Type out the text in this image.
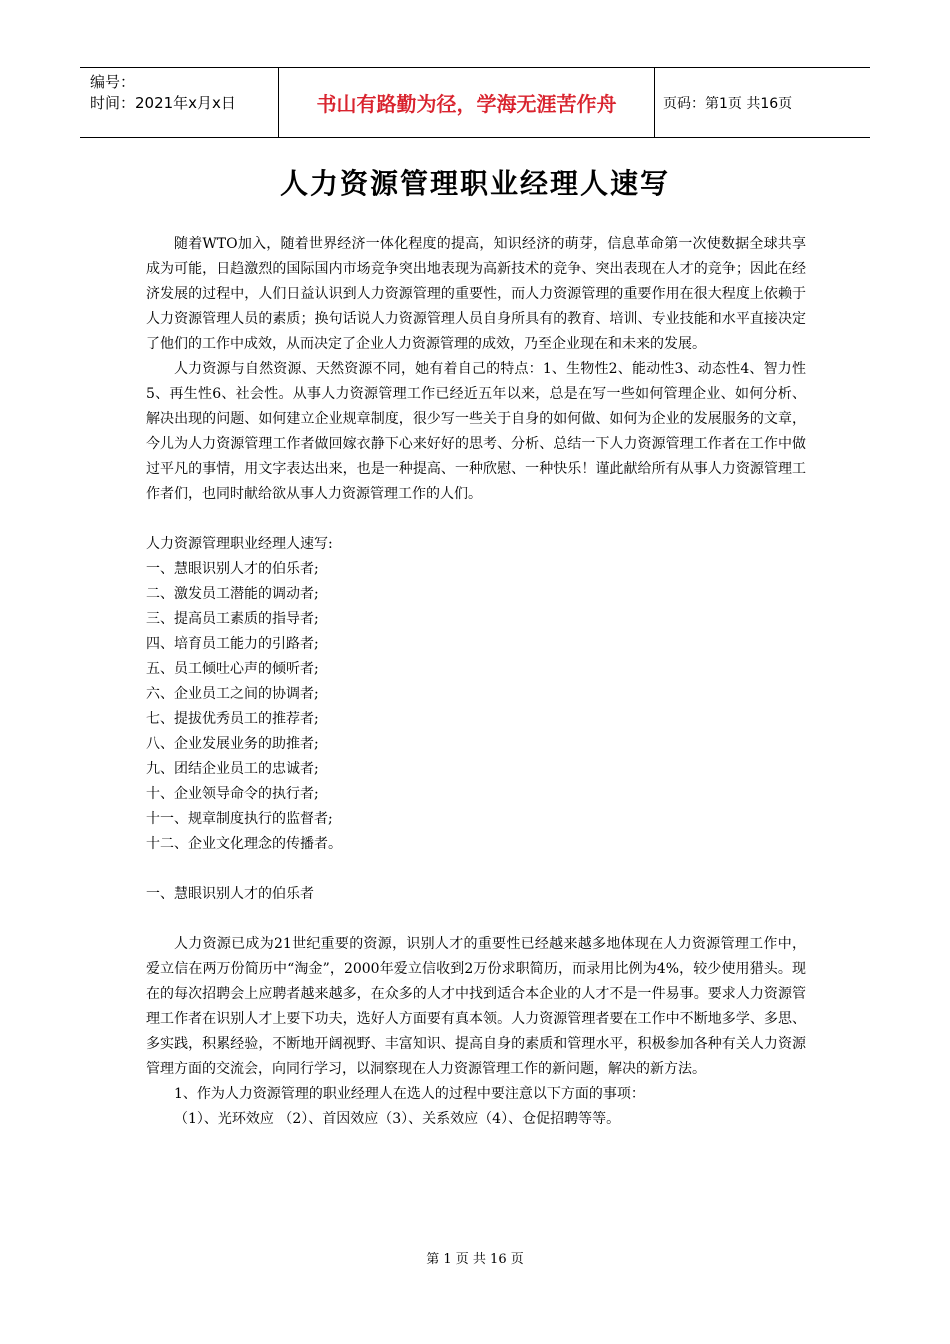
编号：
时间：2021年x月x日	书山有路勤为径，学海无涯苦作舟	页码：第1页 共16页
人力资源管理职业经理人速写

随着WTO加入，随着世界经济一体化程度的提高，知识经济的萌芽，信息革命第一次使数据全球共享成为可能，日趋激烈的国际国内市场竞争突出地表现为高新技术的竞争、突出表现在人才的竞争；因此在经济发展的过程中，人们日益认识到人力资源管理的重要性，而人力资源管理的重要作用在很大程度上依赖于人力资源管理人员的素质；换句话说人力资源管理人员自身所具有的教育、培训、专业技能和水平直接决定了他们的工作中成效，从而决定了企业人力资源管理的成效，乃至企业现在和未来的发展。

人力资源与自然资源、天然资源不同，她有着自己的特点：1、生物性2、能动性3、动态性4、智力性5、再生性6、社会性。从事人力资源管理工作已经近五年以来，总是在写一些如何管理企业、如何分析、解决出现的问题、如何建立企业规章制度，很少写一些关于自身的如何做、如何为企业的发展服务的文章，今儿为人力资源管理工作者做回嫁衣静下心来好好的思考、分析、总结一下人力资源管理工作者在工作中做过平凡的事情，用文字表达出来，也是一种提高、一种欣慰、一种快乐！谨此献给所有从事人力资源管理工作者们，也同时献给欲从事人力资源管理工作的人们。

人力资源管理职业经理人速写:

一、慧眼识别人才的伯乐者;

二、激发员工潜能的调动者;

三、提高员工素质的指导者;

四、培育员工能力的引路者;

五、员工倾吐心声的倾听者;

六、企业员工之间的协调者;

七、提拔优秀员工的推荐者;

八、企业发展业务的助推者;

九、团结企业员工的忠诚者;

十、企业领导命令的执行者;

十一、规章制度执行的监督者;

十二、企业文化理念的传播者。

一、慧眼识别人才的伯乐者

人力资源已成为21世纪重要的资源，识别人才的重要性已经越来越多地体现在人力资源管理工作中，爱立信在两万份简历中“淘金”，2000年爱立信收到2万份求职简历，而录用比例为4%，较少使用猎头。现在的每次招聘会上应聘者越来越多，在众多的人才中找到适合本企业的人才不是一件易事。要求人力资源管理工作者在识别人才上要下功夫，选好人方面要有真本领。人力资源管理者要在工作中不断地多学、多思、多实践，积累经验，不断地开阔视野、丰富知识、提高自身的素质和管理水平，积极参加各种有关人力资源管理方面的交流会，向同行学习，以洞察现在人力资源管理工作的新问题，解决的新方法。

1、作为人力资源管理的职业经理人在选人的过程中要注意以下方面的事项：

（1）、光环效应 （2）、首因效应（3）、关系效应（4）、仓促招聘等等。

第 1 页 共 16 页
